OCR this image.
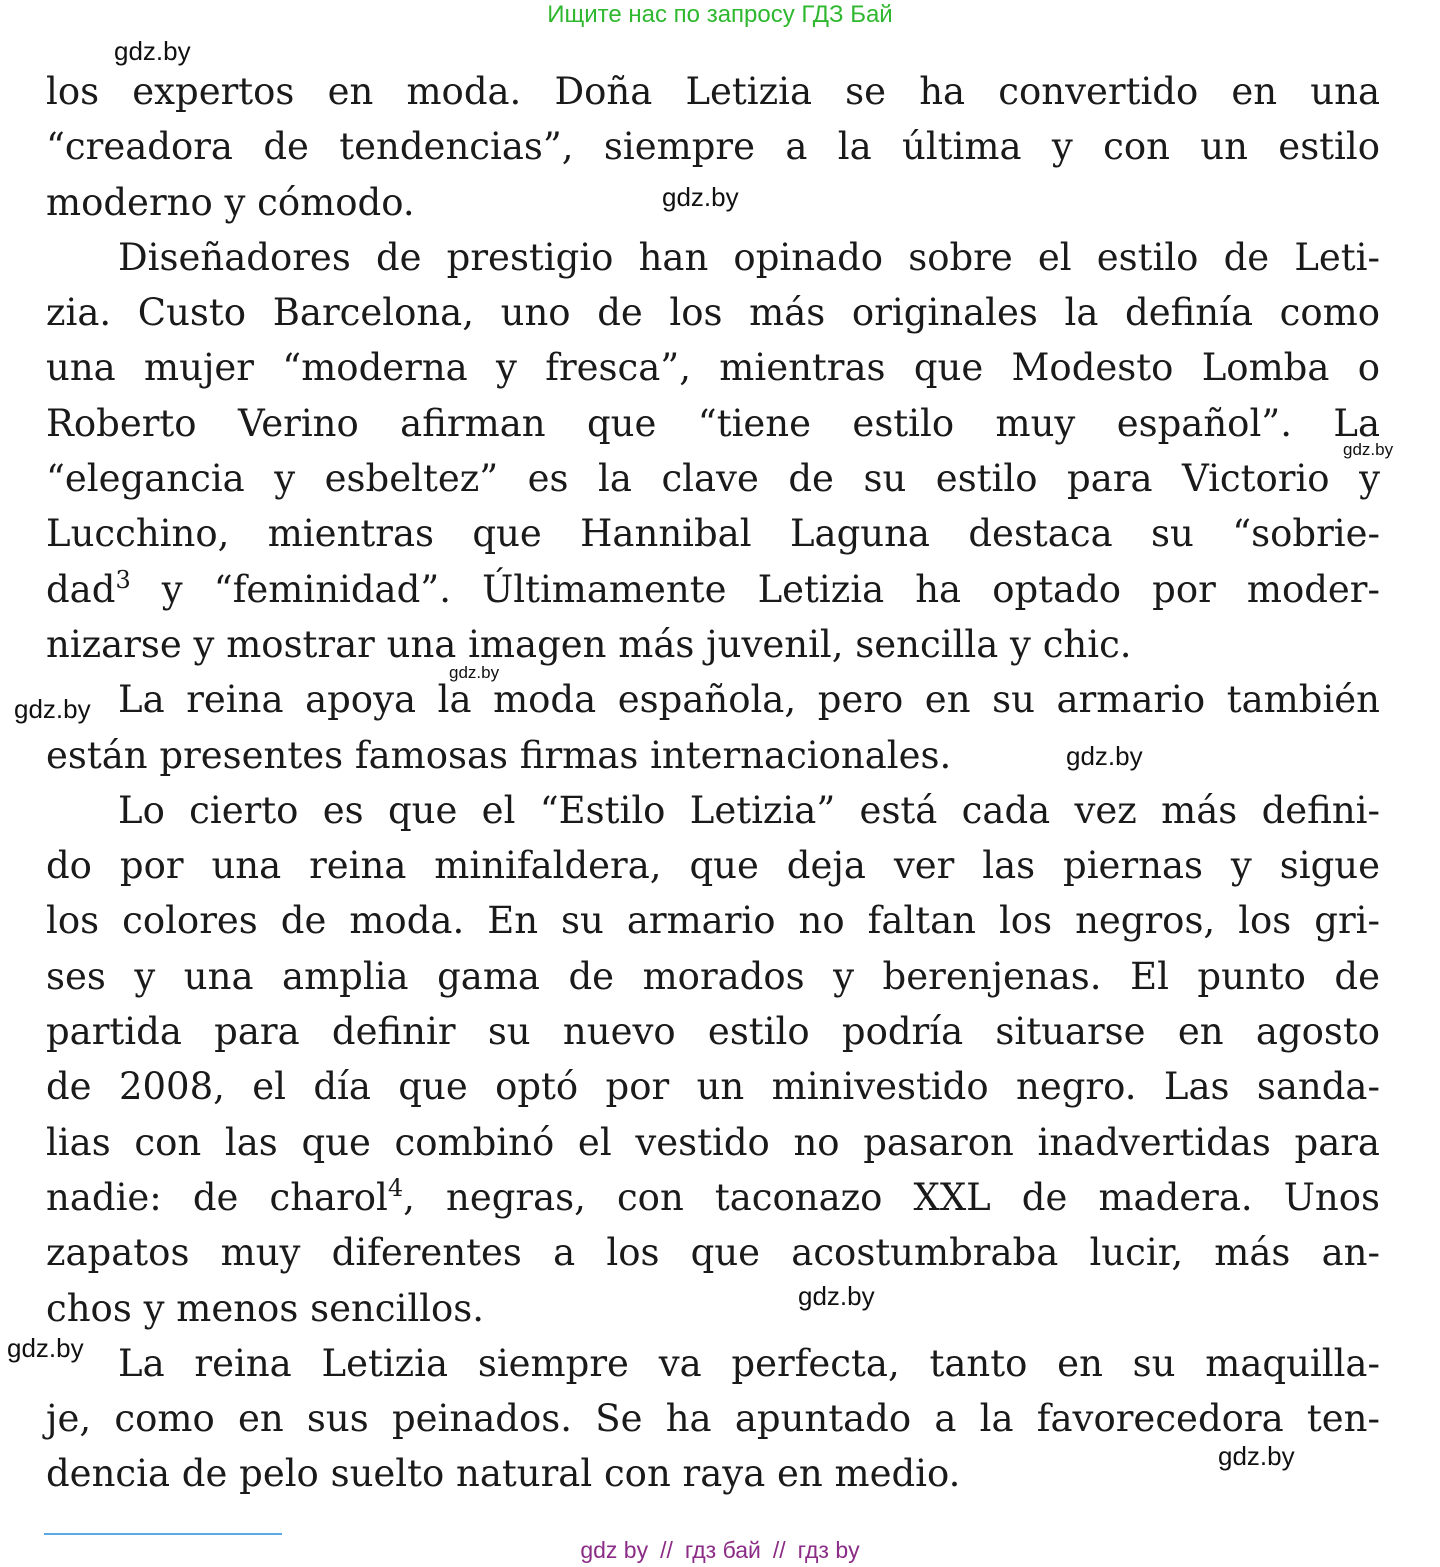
Ищите нас по запросу ГДЗ Бай
los expertos en moda. Doña Letizia se ha convertido en una
“creadora de tendencias”, siempre a la última y con un estilo
moderno y cómodo.
Diseñadores de prestigio han opinado sobre el estilo de Leti-
zia. Custo Barcelona, uno de los más originales la definía como
una mujer “moderna y fresca”, mientras que Modesto Lomba o
Roberto Verino afirman que “tiene estilo muy español”. La
“elegancia y esbeltez” es la clave de su estilo para Victorio y
Lucchino, mientras que Hannibal Laguna destaca su “sobrie-
dad$^3$ y “feminidad”. Últimamente Letizia ha optado por moder-
nizarse y mostrar una imagen más juvenil, sencilla y chic.
La reina apoya la moda española, pero en su armario también
están presentes famosas firmas internacionales.
Lo cierto es que el “Estilo Letizia” está cada vez más defini-
do por una reina minifaldera, que deja ver las piernas y sigue
los colores de moda. En su armario no faltan los negros, los gri-
ses y una amplia gama de morados y berenjenas. El punto de
partida para definir su nuevo estilo podría situarse en agosto
de 2008, el día que optó por un minivestido negro. Las sanda-
lias con las que combinó el vestido no pasaron inadvertidas para
nadie: de charol$^4$, negras, con taconazo XXL de madera. Unos
zapatos muy diferentes a los que acostumbraba lucir, más an-
chos y menos sencillos.
La reina Letizia siempre va perfecta, tanto en su maquilla-
je, como en sus peinados. Se ha apuntado a la favorecedora ten-
dencia de pelo suelto natural con raya en medio.
gdz.by
gdz.by
gdz.by
gdz.by
gdz.by
gdz.by
gdz.by
gdz.by
gdz.by
gdz by // гдз бай // гдз by
